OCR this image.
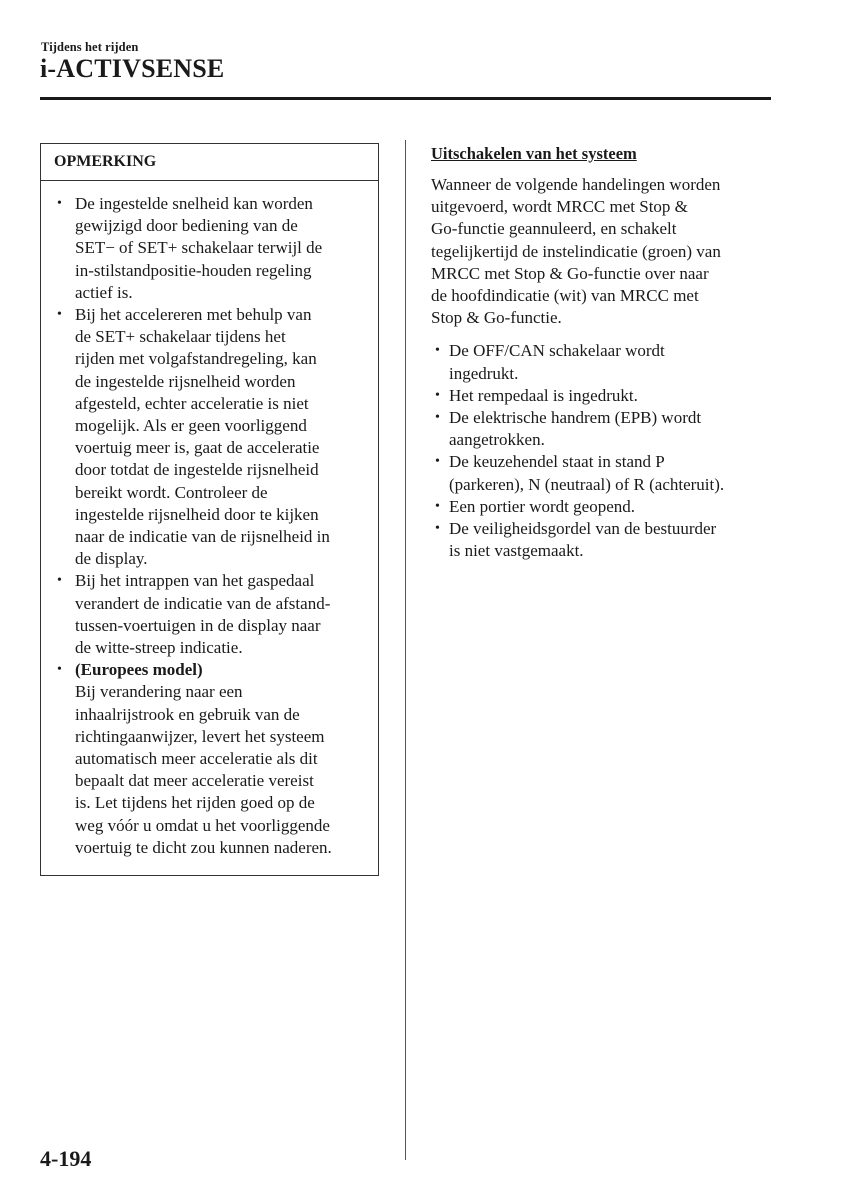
Tijdens het rijden
i-ACTIVSENSE
OPMERKING
• De ingestelde snelheid kan worden
gewijzigd door bediening van de
SET− of SET+ schakelaar terwijl de
in-stilstandpositie-houden regeling
actief is.
• Bij het accelereren met behulp van
de SET+ schakelaar tijdens het
rijden met volgafstandregeling, kan
de ingestelde rijsnelheid worden
afgesteld, echter acceleratie is niet
mogelijk. Als er geen voorliggend
voertuig meer is, gaat de acceleratie
door totdat de ingestelde rijsnelheid
bereikt wordt. Controleer de
ingestelde rijsnelheid door te kijken
naar de indicatie van de rijsnelheid in
de display.
• Bij het intrappen van het gaspedaal
verandert de indicatie van de afstand-
tussen-voertuigen in de display naar
de witte-streep indicatie.
• (Europees model)
Bij verandering naar een
inhaalrijstrook en gebruik van de
richtingaanwijzer, levert het systeem
automatisch meer acceleratie als dit
bepaalt dat meer acceleratie vereist
is. Let tijdens het rijden goed op de
weg vóór u omdat u het voorliggende
voertuig te dicht zou kunnen naderen.
Uitschakelen van het systeem

Wanneer de volgende handelingen worden
uitgevoerd, wordt MRCC met Stop &
Go-functie geannuleerd, en schakelt
tegelijkertijd de instelindicatie (groen) van
MRCC met Stop & Go-functie over naar
de hoofdindicatie (wit) van MRCC met
Stop & Go-functie.

• De OFF/CAN schakelaar wordt
ingedrukt.
• Het rempedaal is ingedrukt.
• De elektrische handrem (EPB) wordt
aangetrokken.
• De keuzehendel staat in stand P
(parkeren), N (neutraal) of R (achteruit).
• Een portier wordt geopend.
• De veiligheidsgordel van de bestuurder
is niet vastgemaakt.
4-194
